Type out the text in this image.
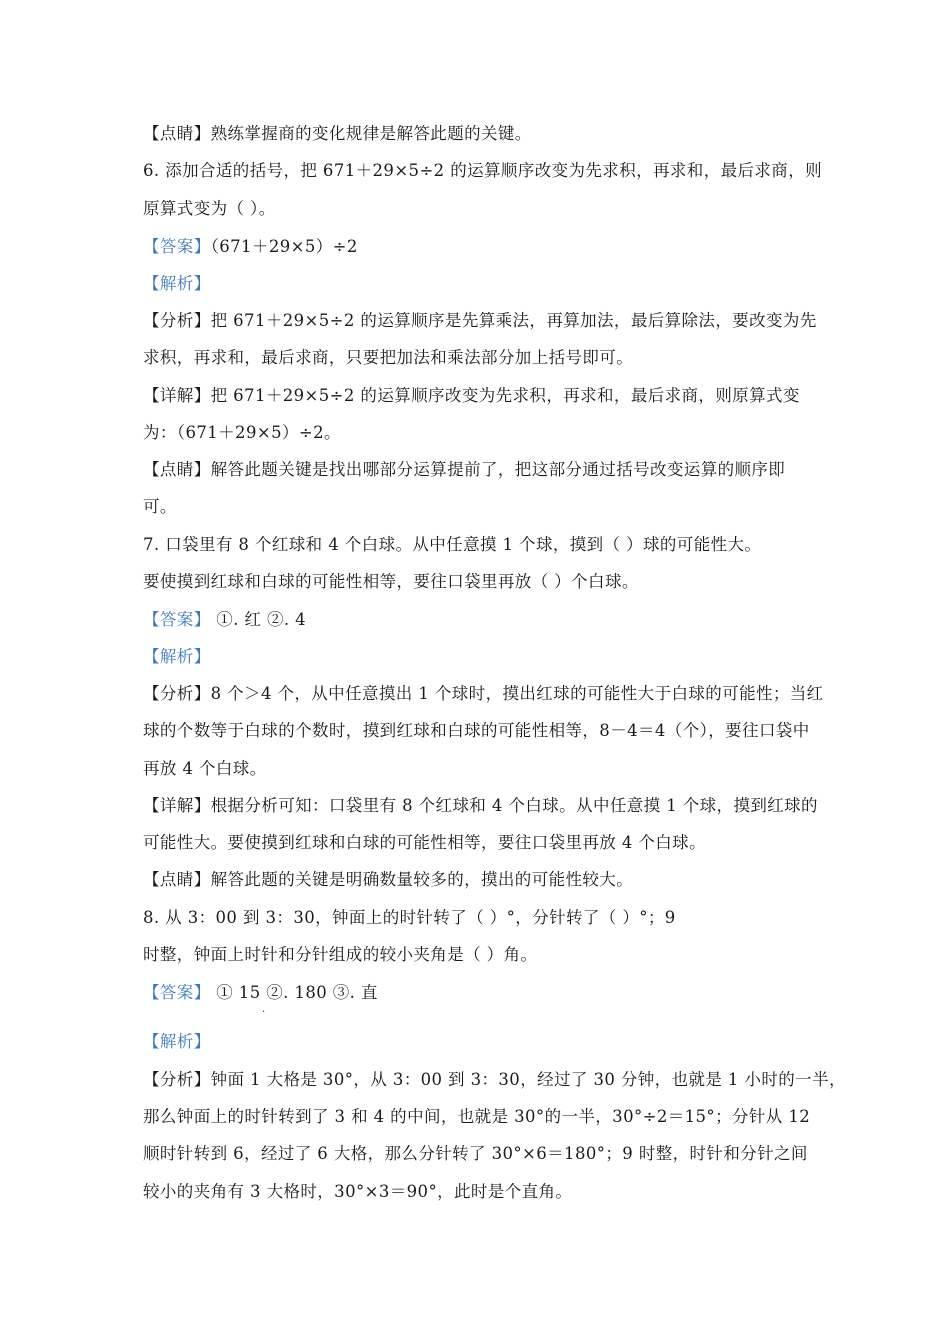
【点睛】熟练掌握商的变化规律是解答此题的关键。
6. 添加合适的括号，把 671＋29×5÷2 的运算顺序改变为先求积，再求和，最后求商，则
原算式变为（ ）。
【答案】（671＋29×5）÷2
【解析】
【分析】把 671＋29×5÷2 的运算顺序是先算乘法，再算加法，最后算除法，要改变为先
求积，再求和，最后求商，只要把加法和乘法部分加上括号即可。
【详解】把 671＋29×5÷2 的运算顺序改变为先求积，再求和，最后求商，则原算式变
为：（671＋29×5）÷2。
【点睛】解答此题关键是找出哪部分运算提前了，把这部分通过括号改变运算的顺序即
可。
7. 口袋里有 8 个红球和 4 个白球。从中任意摸 1 个球，摸到（ ）球的可能性大。
要使摸到红球和白球的可能性相等，要往口袋里再放（ ）个白球。
【答案】 ①. 红 ②. 4
【解析】
【分析】8 个＞4 个，从中任意摸出 1 个球时，摸出红球的可能性大于白球的可能性；当红
球的个数等于白球的个数时，摸到红球和白球的可能性相等，8－4＝4（个），要往口袋中
再放 4 个白球。
【详解】根据分析可知：口袋里有 8 个红球和 4 个白球。从中任意摸 1 个球，摸到红球的
可能性大。要使摸到红球和白球的可能性相等，要往口袋里再放 4 个白球。
【点睛】解答此题的关键是明确数量较多的，摸出的可能性较大。
8. 从 3：00 到 3：30，钟面上的时针转了（ ）°，分针转了（ ）°；9
时整，钟面上时针和分针组成的较小夹角是（ ）角。
【答案】 ① 15 ②. 180 ③. 直
·
【解析】
【分析】钟面 1 大格是 30°，从 3：00 到 3：30，经过了 30 分钟，也就是 1 小时的一半，
那么钟面上的时针转到了 3 和 4 的中间，也就是 30°的一半，30°÷2＝15°；分针从 12
顺时针转到 6，经过了 6 大格，那么分针转了 30°×6＝180°；9 时整，时针和分针之间
较小的夹角有 3 大格时，30°×3＝90°，此时是个直角。
